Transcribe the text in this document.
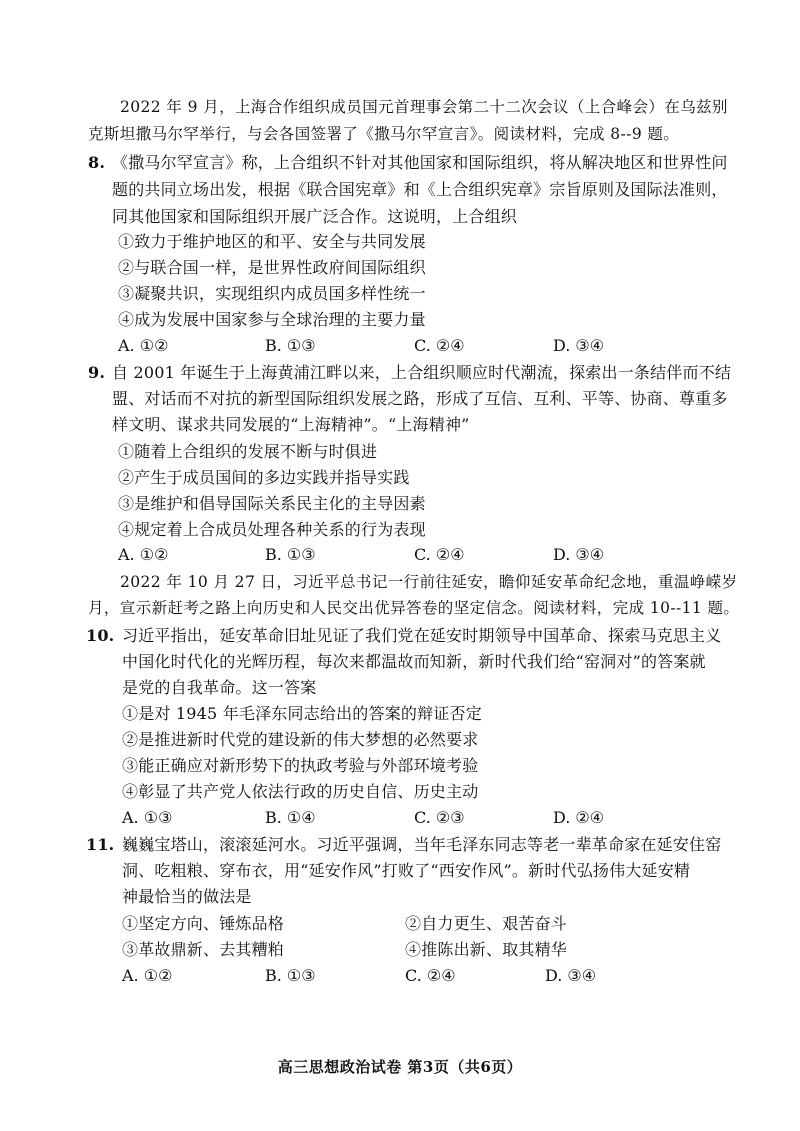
2022 年 9 月，上海合作组织成员国元首理事会第二十二次会议（上合峰会）在乌兹别
克斯坦撒马尔罕举行，与会各国签署了《撒马尔罕宣言》。阅读材料，完成 8--9 题。
8. 《撒马尔罕宣言》称，上合组织不针对其他国家和国际组织，将从解决地区和世界性问
题的共同立场出发，根据《联合国宪章》和《上合组织宪章》宗旨原则及国际法准则，
同其他国家和国际组织开展广泛合作。这说明，上合组织
①致力于维护地区的和平、安全与共同发展
②与联合国一样，是世界性政府间国际组织
③凝聚共识，实现组织内成员国多样性统一
④成为发展中国家参与全球治理的主要力量
A. ①②	B. ①③	C. ②④	D. ③④
9. 自 2001 年诞生于上海黄浦江畔以来，上合组织顺应时代潮流，探索出一条结伴而不结
盟、对话而不对抗的新型国际组织发展之路，形成了互信、互利、平等、协商、尊重多
样文明、谋求共同发展的“上海精神”。“上海精神”
①随着上合组织的发展不断与时俱进
②产生于成员国间的多边实践并指导实践
③是维护和倡导国际关系民主化的主导因素
④规定着上合成员处理各种关系的行为表现
A. ①②	B. ①③	C. ②④	D. ③④
2022 年 10 月 27 日，习近平总书记一行前往延安，瞻仰延安革命纪念地，重温峥嵘岁
月，宣示新赶考之路上向历史和人民交出优异答卷的坚定信念。阅读材料，完成 10--11 题。
10. 习近平指出，延安革命旧址见证了我们党在延安时期领导中国革命、探索马克思主义
中国化时代化的光辉历程，每次来都温故而知新，新时代我们给“窑洞对”的答案就
是党的自我革命。这一答案
①是对 1945 年毛泽东同志给出的答案的辩证否定
②是推进新时代党的建设新的伟大梦想的必然要求
③能正确应对新形势下的执政考验与外部环境考验
④彰显了共产党人依法行政的历史自信、历史主动
A. ①③	B. ①④	C. ②③	D. ②④
11. 巍巍宝塔山，滚滚延河水。习近平强调，当年毛泽东同志等老一辈革命家在延安住窑
洞、吃粗粮、穿布衣，用“延安作风”打败了“西安作风”。新时代弘扬伟大延安精
神最恰当的做法是
①坚定方向、锤炼品格	②自力更生、艰苦奋斗
③革故鼎新、去其糟粕	④推陈出新、取其精华
A. ①②	B. ①③	C. ②④	D. ③④
高三思想政治试卷 第3页（共6页）
